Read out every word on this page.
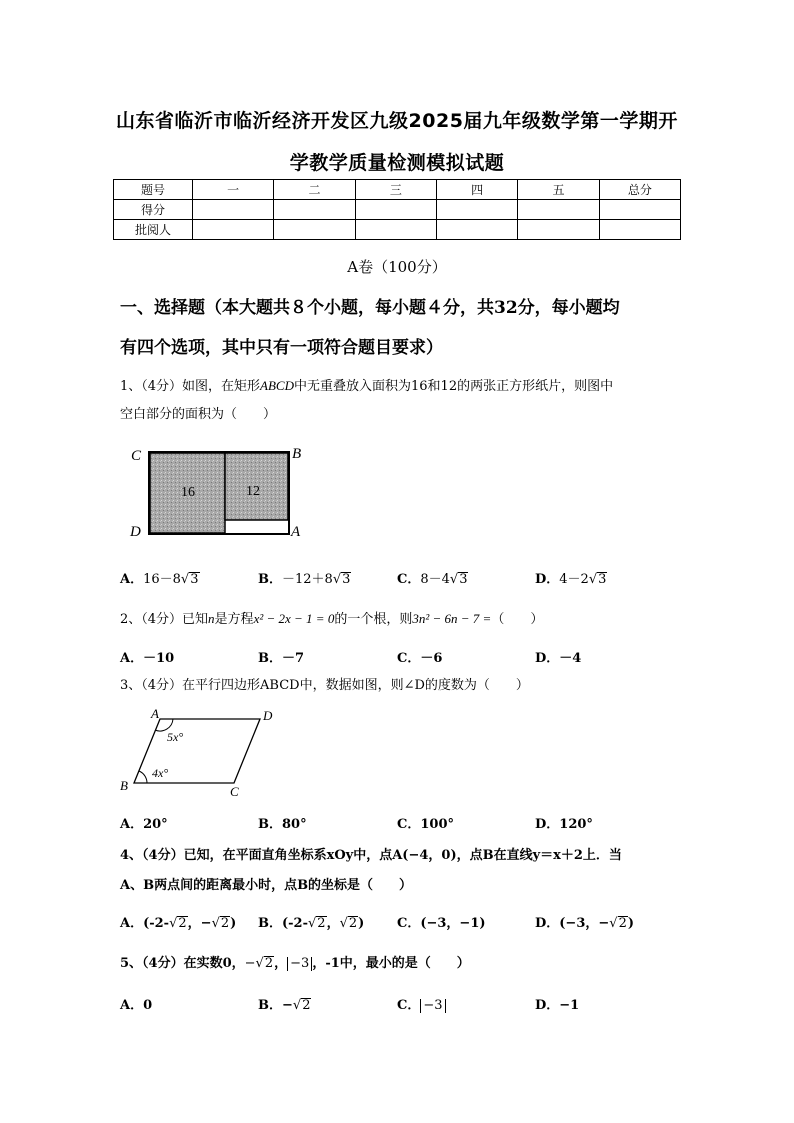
山东省临沂市临沂经济开发区九级2025届九年级数学第一学期开
学教学质量检测模拟试题
题号	一	二	三	四	五	总分
得分						
批阅人						
A卷（100分）
一、选择题（本大题共８个小题，每小题４分，共32分，每小题均
有四个选项，其中只有一项符合题目要求）
1、（4分）如图，在矩形ABCD中无重叠放入面积为16和12的两张正方形纸片，则图中
空白部分的面积为（　　）
16	12
C	B
D	A
A．16－8√3	B．－12＋8√3	C．8－4√3	D．4－2√3
2、（4分）已知n是方程x² − 2x − 1 = 0的一个根，则3n² − 6n − 7 =（　　）
A．－10	B．－7	C．－6	D．－4
3、（4分）在平行四边形ABCD中，数据如图，则∠D的度数为（　　）
A	D
B	C
5x°
4x°
A．20°	B．80°	C．100°	D．120°
4、（4分）已知，在平面直角坐标系xOy中，点A(−4，0)，点B在直线y＝x＋2上．当
A、B两点间的距离最小时，点B的坐标是（　　）
A．(-2-√2，−√2) B．(-2-√2，√2)	C．(−3，−1)	D．(−3，−√2)
5、（4分）在实数0，−√2， −3 ，-1中，最小的是（　　）
A．0	B．−√2	C． −3	D．−1
